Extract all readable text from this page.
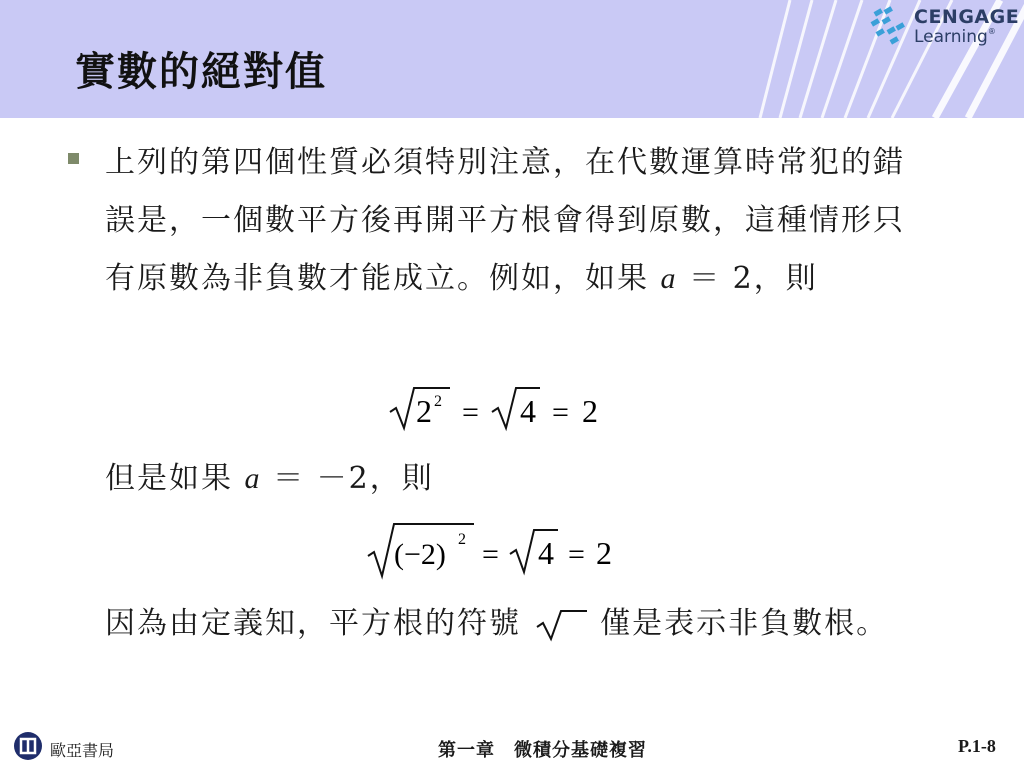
實數的絕對值
CENGAGE
Learning®
上列的第四個性質必須特別注意，在代數運算時常犯的錯誤是，一個數平方後再開平方根會得到原數，這種情形只有原數為非負數才能成立。例如，如果 a ＝ 2，則
2 2 = 4 = 2
但是如果 a ＝ －2，則
(−2) 2 = 4 = 2
因為由定義知，平方根的符號  僅是表示非負數根。
歐亞書局	第一章　微積分基礎複習	P.1-8
